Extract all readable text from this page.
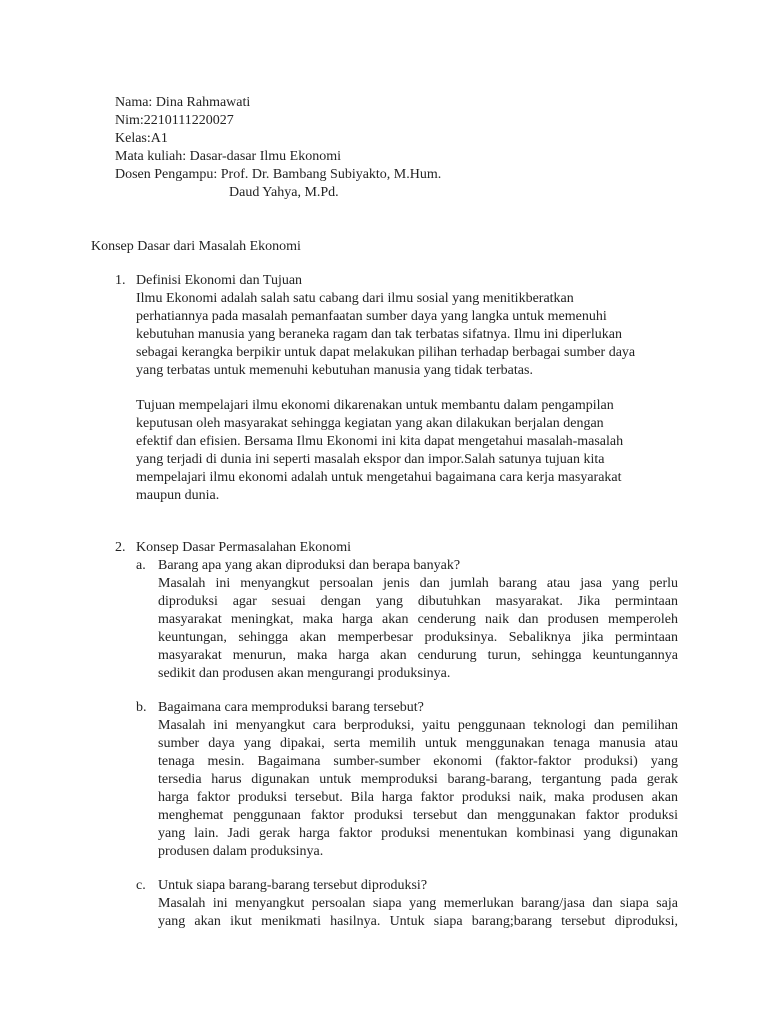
Nama: Dina Rahmawati
Nim:2210111220027
Kelas:A1
Mata kuliah: Dasar-dasar Ilmu Ekonomi
Dosen Pengampu: Prof. Dr. Bambang Subiyakto, M.Hum.
Daud Yahya, M.Pd.
Konsep Dasar dari Masalah Ekonomi
1. Definisi Ekonomi dan Tujuan
Ilmu Ekonomi adalah salah satu cabang dari ilmu sosial yang menitikberatkan
perhatiannya pada masalah pemanfaatan sumber daya yang langka untuk memenuhi
kebutuhan manusia yang beraneka ragam dan tak terbatas sifatnya. Ilmu ini diperlukan
sebagai kerangka berpikir untuk dapat melakukan pilihan terhadap berbagai sumber daya
yang terbatas untuk memenuhi kebutuhan manusia yang tidak terbatas.
Tujuan mempelajari ilmu ekonomi dikarenakan untuk membantu dalam pengampilan
keputusan oleh masyarakat sehingga kegiatan yang akan dilakukan berjalan dengan
efektif dan efisien. Bersama Ilmu Ekonomi ini kita dapat mengetahui masalah-masalah
yang terjadi di dunia ini seperti masalah ekspor dan impor.Salah satunya tujuan kita
mempelajari ilmu ekonomi adalah untuk mengetahui bagaimana cara kerja masyarakat
maupun dunia.
2. Konsep Dasar Permasalahan Ekonomi
a. Barang apa yang akan diproduksi dan berapa banyak?
Masalah ini menyangkut persoalan jenis dan jumlah barang atau jasa yang perlu
diproduksi agar sesuai dengan yang dibutuhkan masyarakat. Jika permintaan
masyarakat meningkat, maka harga akan cenderung naik dan produsen memperoleh
keuntungan, sehingga akan memperbesar produksinya. Sebaliknya jika permintaan
masyarakat menurun, maka harga akan cendurung turun, sehingga keuntungannya
sedikit dan produsen akan mengurangi produksinya.
b. Bagaimana cara memproduksi barang tersebut?
Masalah ini menyangkut cara berproduksi, yaitu penggunaan teknologi dan pemilihan
sumber daya yang dipakai, serta memilih untuk menggunakan tenaga manusia atau
tenaga mesin. Bagaimana sumber-sumber ekonomi (faktor-faktor produksi) yang
tersedia harus digunakan untuk memproduksi barang-barang, tergantung pada gerak
harga faktor produksi tersebut. Bila harga faktor produksi naik, maka produsen akan
menghemat penggunaan faktor produksi tersebut dan menggunakan faktor produksi
yang lain. Jadi gerak harga faktor produksi menentukan kombinasi yang digunakan
produsen dalam produksinya.
c. Untuk siapa barang-barang tersebut diproduksi?
Masalah ini menyangkut persoalan siapa yang memerlukan barang/jasa dan siapa saja
yang akan ikut menikmati hasilnya. Untuk siapa barang;barang tersebut diproduksi,
